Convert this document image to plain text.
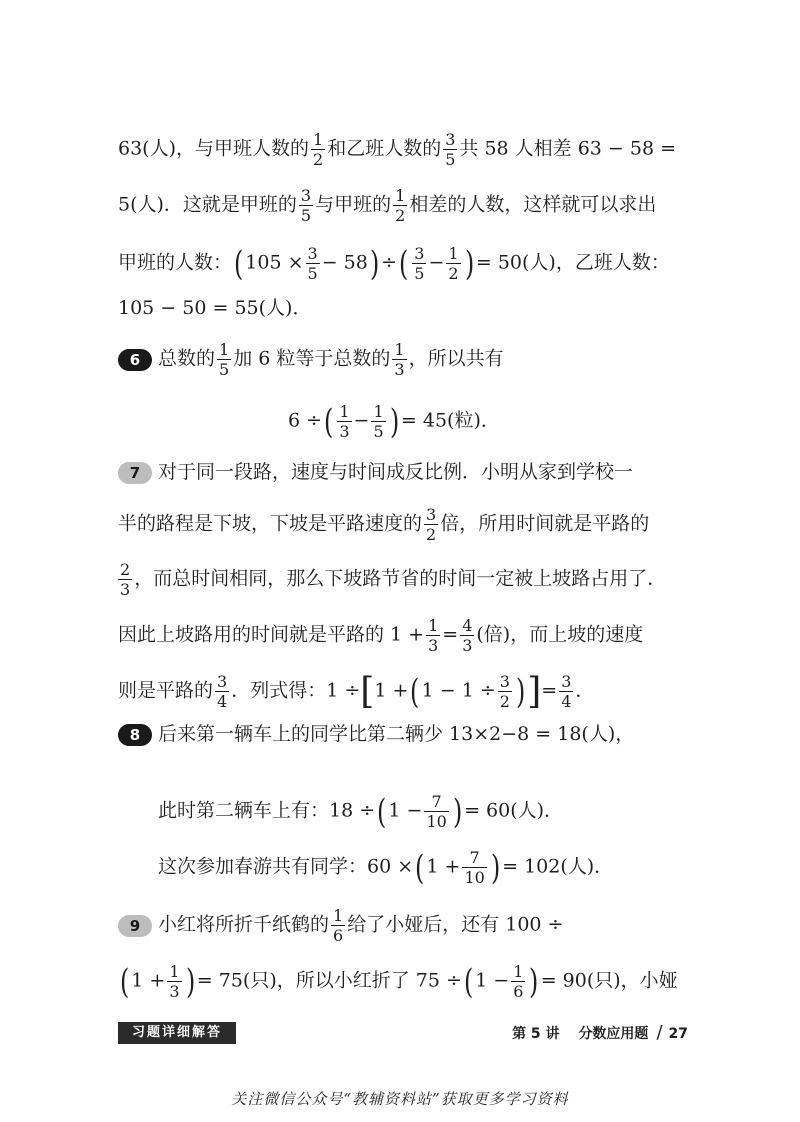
63(人)，与甲班人数的 $\frac{1}{2}$ 和乙班人数的 $\frac{3}{5}$ 共 58 人相差 63 − 58 =
5(人)．这就是甲班的 $\frac{3}{5}$ 与甲班的 $\frac{1}{2}$ 相差的人数，这样就可以求出
甲班的人数：( $105 \times \frac{3}{5} - 58$) ÷( $\frac{3}{5} - \frac{1}{2}$ ) = 50(人)，乙班人数：
105 − 50 = 55(人)．
6 总数的 $\frac{1}{5}$ 加 6 粒等于总数的 $\frac{1}{3}$ ，所以共有
6 ÷( $\frac{1}{3} - \frac{1}{5}$ ) = 45(粒)．
7 对于同一段路，速度与时间成反比例．小明从家到学校一
半的路程是下坡，下坡是平路速度的 $\frac{3}{2}$ 倍，所用时间就是平路的
$\frac{2}{3}$ ，而总时间相同，那么下坡路节省的时间一定被上坡路占用了．
因此上坡路用的时间就是平路的 $1 + \frac{1}{3} = \frac{4}{3}$ (倍)，而上坡的速度
则是平路的 $\frac{3}{4}$ ．列式得：1 ÷[1 +( $1 - 1 \div \frac{3}{2}$ )]= $\frac{3}{4}$ ．
8 后来第一辆车上的同学比第二辆少 13×2−8 = 18(人)，
此时第二辆车上有：18 ÷( $1 - \frac{7}{10}$ ) = 60(人)．
这次参加春游共有同学：60 ×( $1 + \frac{7}{10}$ ) = 102(人)．
9 小红将所折千纸鹤的 $\frac{1}{6}$ 给了小娅后，还有 100 ÷
( $1 + \frac{1}{3}$ ) = 75(只)，所以小红折了 75 ÷( $1 - \frac{1}{6}$ ) = 90(只)，小娅
习题详细解答	第 5 讲 分数应用题 / 27
关注微信公众号“教辅资料站”获取更多学习资料
